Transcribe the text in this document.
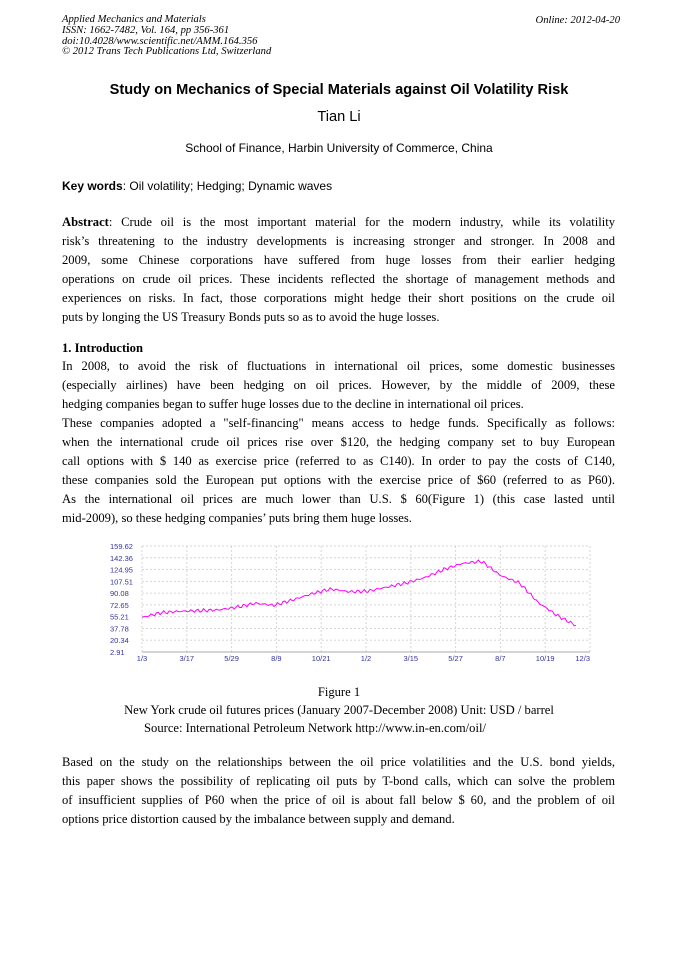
Applied Mechanics and Materials
ISSN: 1662-7482, Vol. 164, pp 356-361
doi:10.4028/www.scientific.net/AMM.164.356
© 2012 Trans Tech Publications Ltd, Switzerland
Online: 2012-04-20
Study on Mechanics of Special Materials against Oil Volatility Risk
Tian Li
School of Finance, Harbin University of Commerce, China
Key words: Oil volatility; Hedging; Dynamic waves
Abstract: Crude oil is the most important material for the modern industry, while its volatility
risk’s threatening to the industry developments is increasing stronger and stronger. In 2008 and
2009, some Chinese corporations have suffered from huge losses from their earlier hedging
operations on crude oil prices. These incidents reflected the shortage of management methods and
experiences on risks. In fact, those corporations might hedge their short positions on the crude oil
puts by longing the US Treasury Bonds puts so as to avoid the huge losses.
1. Introduction
In 2008, to avoid the risk of fluctuations in international oil prices, some domestic businesses
(especially airlines) have been hedging on oil prices. However, by the middle of 2009, these
hedging companies began to suffer huge losses due to the decline in international oil prices.
These companies adopted a "self-financing" means access to hedge funds. Specifically as follows:
when the international crude oil prices rise over $120, the hedging company set to buy European
call options with $ 140 as exercise price (referred to as C140). In order to pay the costs of C140,
these companies sold the European put options with the exercise price of $60 (referred to as P60).
As the international oil prices are much lower than U.S. $ 60(Figure 1) (this case lasted until
mid-2009), so these hedging companies’ puts bring them huge losses.
159.62
142.36
124.95
107.51
90.08
72.65
55.21
37.78
20.34
2.91
1/3	3/17	5/29	8/9	10/21	1/2	3/15	5/27	8/7	10/19	12/3
Figure 1
New York crude oil futures prices (January 2007-December 2008) Unit: USD / barrel
Source: International Petroleum Network http://www.in-en.com/oil/
Based on the study on the relationships between the oil price volatilities and the U.S. bond yields,
this paper shows the possibility of replicating oil puts by T-bond calls, which can solve the problem
of insufficient supplies of P60 when the price of oil is about fall below $ 60, and the problem of oil
options price distortion caused by the imbalance between supply and demand.
